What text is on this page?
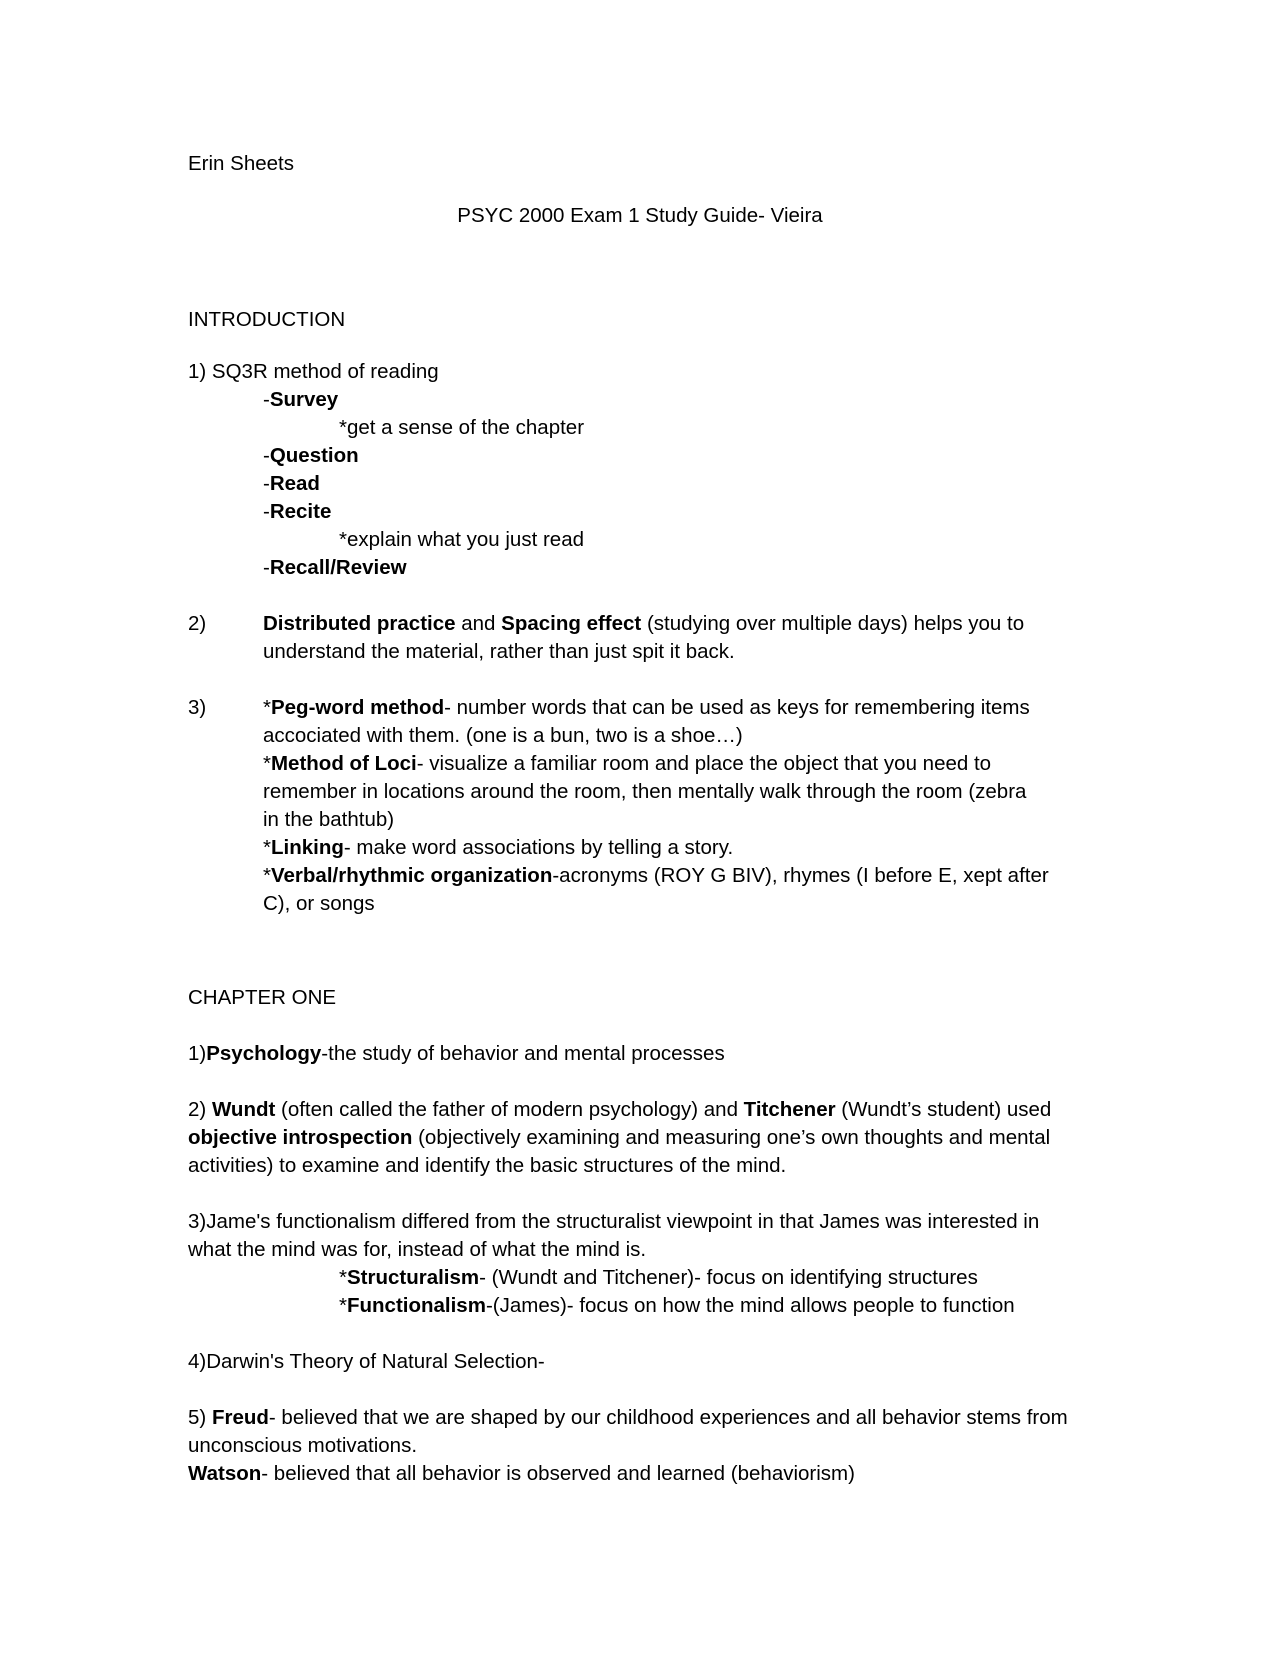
Erin Sheets
PSYC 2000 Exam 1 Study Guide- Vieira
INTRODUCTION
1) SQ3R method of reading
-Survey
*get a sense of the chapter
-Question
-Read
-Recite
*explain what you just read
-Recall/Review
2)	Distributed practice and Spacing effect (studying over multiple days) helps you to
understand the material, rather than just spit it back.
3)	*Peg-word method- number words that can be used as keys for remembering items
accociated with them. (one is a bun, two is a shoe…)
*Method of Loci- visualize a familiar room and place the object that you need to
remember in locations around the room, then mentally walk through the room (zebra
in the bathtub)
*Linking- make word associations by telling a story.
*Verbal/rhythmic organization-acronyms (ROY G BIV), rhymes (I before E, xept after
C), or songs
CHAPTER ONE
1)Psychology-the study of behavior and mental processes
2) Wundt (often called the father of modern psychology) and Titchener (Wundt’s student) used
objective introspection (objectively examining and measuring one’s own thoughts and mental
activities) to examine and identify the basic structures of the mind.
3)Jame's functionalism differed from the structuralist viewpoint in that James was interested in
what the mind was for, instead of what the mind is.
*Structuralism- (Wundt and Titchener)- focus on identifying structures
*Functionalism-(James)- focus on how the mind allows people to function
4)Darwin's Theory of Natural Selection-
5) Freud- believed that we are shaped by our childhood experiences and all behavior stems from
unconscious motivations.
Watson- believed that all behavior is observed and learned (behaviorism)
